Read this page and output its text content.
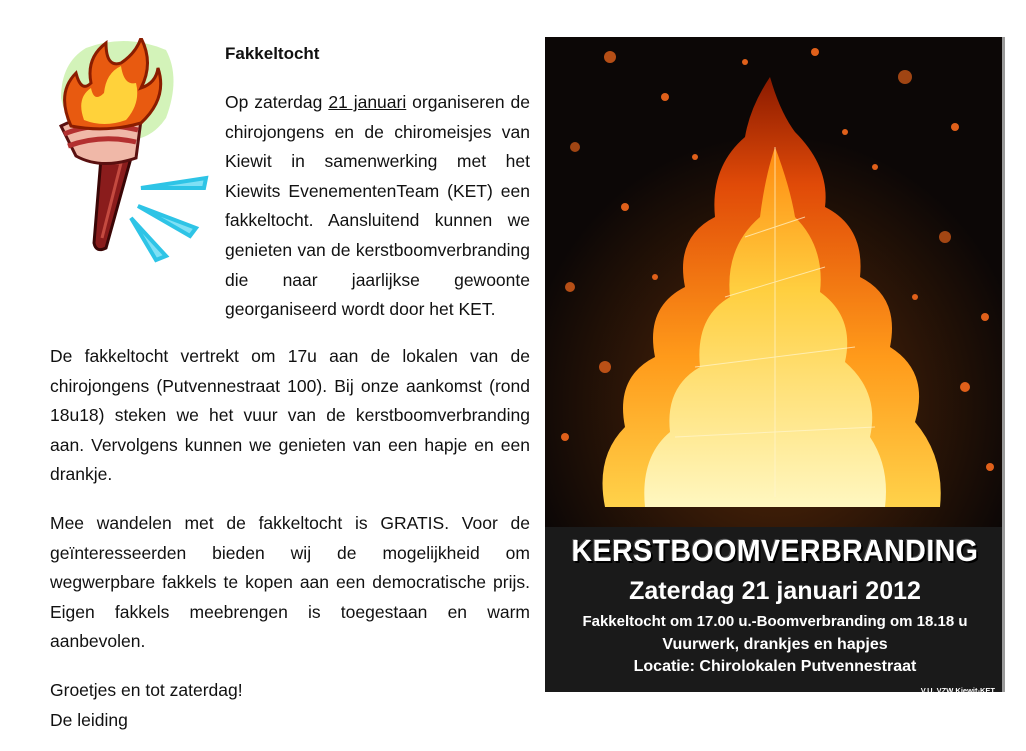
Fakkeltocht
Op zaterdag 21 januari organiseren de chirojongens en de chiromeisjes van Kiewit in samenwerking met het Kiewits EvenementenTeam (KET) een fakkeltocht. Aansluitend kunnen we genieten van de kerstboomverbranding die naar jaarlijkse gewoonte georganiseerd wordt door het KET.
De fakkeltocht vertrekt om 17u aan de lokalen van de chirojongens (Putvennestraat 100). Bij onze aankomst (rond 18u18) steken we het vuur van de kerstboomverbranding aan. Vervolgens kunnen we genieten van een hapje en een drankje.
Mee wandelen met de fakkeltocht is GRATIS. Voor de geïnteresseerden bieden wij de mogelijkheid om wegwerpbare fakkels te kopen aan een democratische prijs. Eigen fakkels meebrengen is toegestaan en warm aanbevolen.
Groetjes en tot zaterdag!
De leiding
KERSTBOOMVERBRANDING
Zaterdag 21 januari 2012
Fakkeltocht om 17.00 u.-Boomverbranding om 18.18 u
Vuurwerk, drankjes en hapjes
Locatie: Chirolokalen Putvennestraat
V.U. VZW Kiewit-KET
